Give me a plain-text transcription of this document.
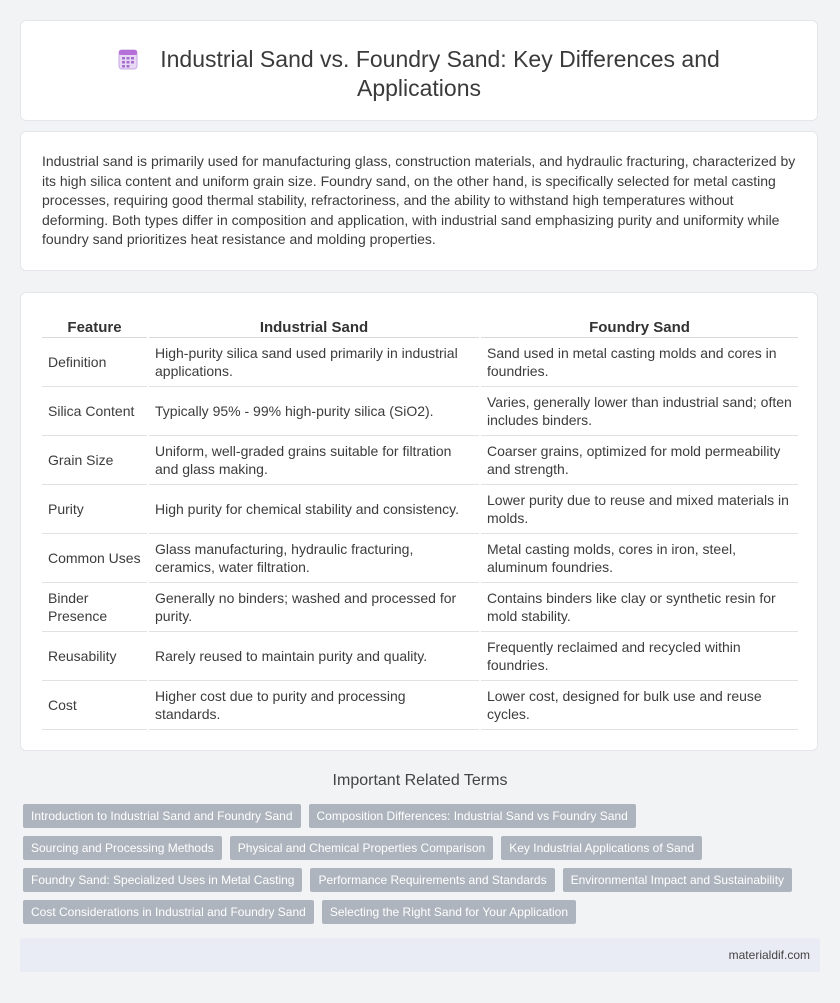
Industrial Sand vs. Foundry Sand: Key Differences and
Applications
Industrial sand is primarily used for manufacturing glass, construction materials, and hydraulic fracturing, characterized by its high silica content and uniform grain size. Foundry sand, on the other hand, is specifically selected for metal casting processes, requiring good thermal stability, refractoriness, and the ability to withstand high temperatures without deforming. Both types differ in composition and application, with industrial sand emphasizing purity and uniformity while foundry sand prioritizes heat resistance and molding properties.
Feature	Industrial Sand	Foundry Sand
Definition	High-purity silica sand used primarily in industrial applications.	Sand used in metal casting molds and cores in foundries.
Silica Content	Typically 95% - 99% high-purity silica (SiO2).	Varies, generally lower than industrial sand; often includes binders.
Grain Size	Uniform, well-graded grains suitable for filtration and glass making.	Coarser grains, optimized for mold permeability and strength.
Purity	High purity for chemical stability and consistency.	Lower purity due to reuse and mixed materials in molds.
Common Uses	Glass manufacturing, hydraulic fracturing, ceramics, water filtration.	Metal casting molds, cores in iron, steel, aluminum foundries.
Binder Presence	Generally no binders; washed and processed for purity.	Contains binders like clay or synthetic resin for mold stability.
Reusability	Rarely reused to maintain purity and quality.	Frequently reclaimed and recycled within foundries.
Cost	Higher cost due to purity and processing standards.	Lower cost, designed for bulk use and reuse cycles.
Important Related Terms
Introduction to Industrial Sand and Foundry Sand	Composition Differences: Industrial Sand vs Foundry Sand
Sourcing and Processing Methods	Physical and Chemical Properties Comparison	Key Industrial Applications of Sand
Foundry Sand: Specialized Uses in Metal Casting	Performance Requirements and Standards	Environmental Impact and Sustainability
Cost Considerations in Industrial and Foundry Sand	Selecting the Right Sand for Your Application
materialdif.com
